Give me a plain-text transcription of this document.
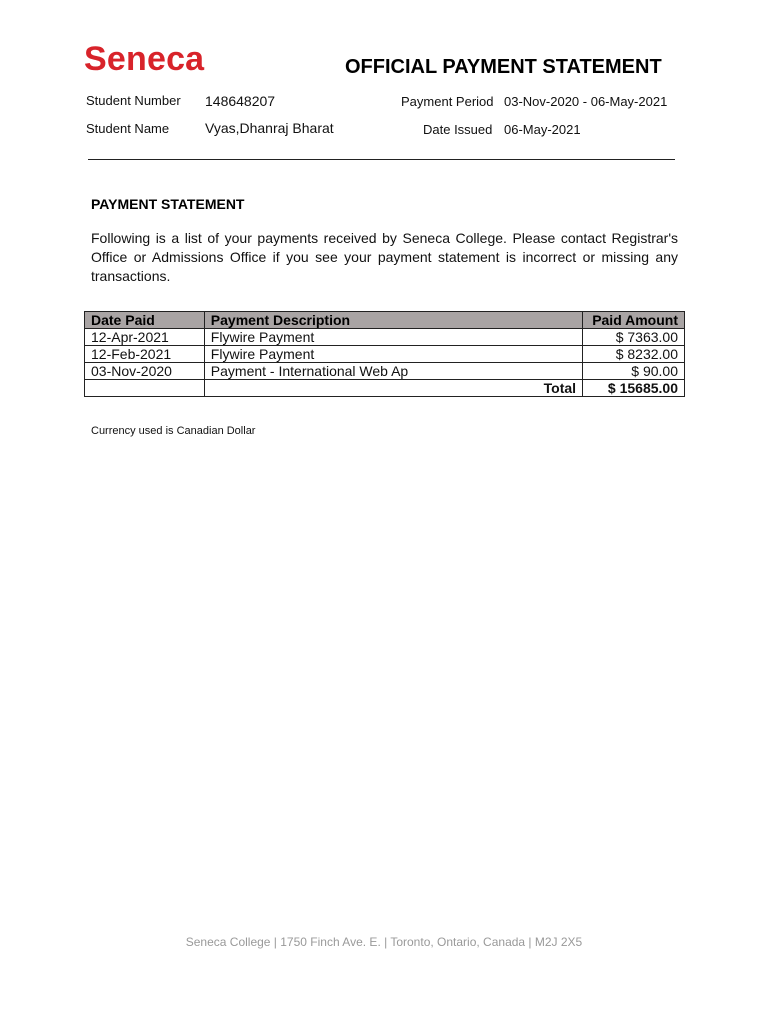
Seneca	OFFICIAL PAYMENT STATEMENT
Student Number 148648207
Student Name	Vyas,Dhanraj Bharat
Payment Period 03-Nov-2020 - 06-May-2021
Date Issued 06-May-2021
PAYMENT STATEMENT
Following is a list of your payments received by Seneca College. Please contact Registrar's Office or Admissions Office if you see your payment statement is incorrect or missing any transactions.
Date Paid	Payment Description	Paid Amount
12-Apr-2021	Flywire Payment	$ 7363.00
12-Feb-2021	Flywire Payment	$ 8232.00
03-Nov-2020	Payment - International Web Ap	$ 90.00
	Total	$ 15685.00
Currency used is Canadian Dollar
Seneca College | 1750 Finch Ave. E. | Toronto, Ontario, Canada | M2J 2X5
